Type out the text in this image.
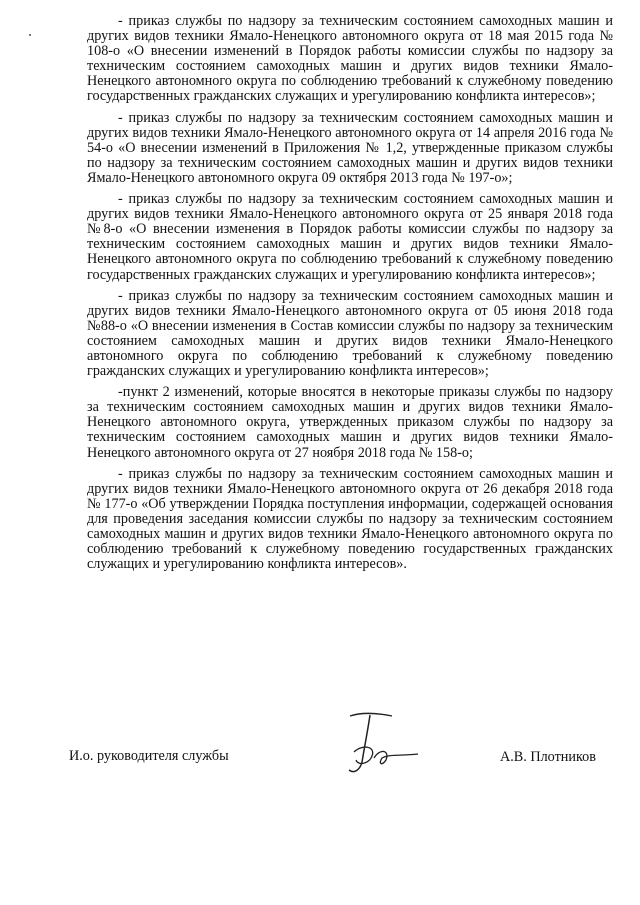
- приказ службы по надзору за техническим состоянием самоходных машин и других видов техники Ямало-Ненецкого автономного округа от 18 мая 2015 года № 108-о «О внесении изменений в Порядок работы комиссии службы по надзору за техническим состоянием самоходных машин и других видов техники Ямало-Ненецкого автономного округа по соблюдению требований к служебному поведению государственных гражданских служащих и урегулированию конфликта интересов»;

- приказ службы по надзору за техническим состоянием самоходных машин и других видов техники Ямало-Ненецкого автономного округа от 14 апреля 2016 года № 54-о «О внесении изменений в Приложения № 1,2, утвержденные приказом службы по надзору за техническим состоянием самоходных машин и других видов техники Ямало-Ненецкого автономного округа 09 октября 2013 года № 197-о»;

- приказ службы по надзору за техническим состоянием самоходных машин и других видов техники Ямало-Ненецкого автономного округа от 25 января 2018 года №8-о «О внесении изменения в Порядок работы комиссии службы по надзору за техническим состоянием самоходных машин и других видов техники Ямало-Ненецкого автономного округа по соблюдению требований к служебному поведению государственных гражданских служащих и урегулированию конфликта интересов»;

- приказ службы по надзору за техническим состоянием самоходных машин и других видов техники Ямало-Ненецкого автономного округа от 05 июня 2018 года №88-о «О внесении изменения в Состав комиссии службы по надзору за техническим состоянием самоходных машин и других видов техники Ямало-Ненецкого автономного округа по соблюдению требований к служебному поведению гражданских служащих и урегулированию конфликта интересов»;

-пункт 2 изменений, которые вносятся в некоторые приказы службы по надзору за техническим состоянием самоходных машин и других видов техники Ямало-Ненецкого автономного округа, утвержденных приказом службы по надзору за техническим состоянием самоходных машин и других видов техники Ямало-Ненецкого автономного округа от 27 ноября 2018 года № 158-о;

- приказ службы по надзору за техническим состоянием самоходных машин и других видов техники Ямало-Ненецкого автономного округа от 26 декабря 2018 года № 177-о «Об утверждении Порядка поступления информации, содержащей основания для проведения заседания комиссии службы по надзору за техническим состоянием самоходных машин и других видов техники Ямало-Ненецкого автономного округа по соблюдению требований к служебному поведению государственных гражданских служащих и урегулированию конфликта интересов».

И.о. руководителя службы	А.В. Плотников
